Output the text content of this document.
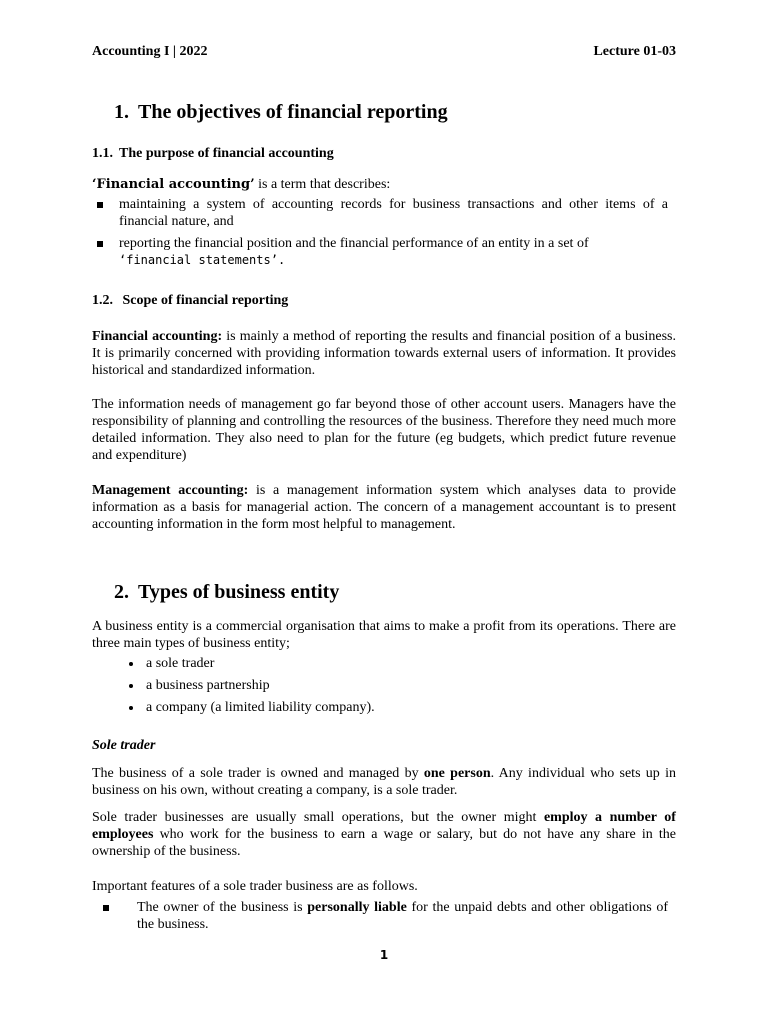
Accounting I | 2022	Lecture 01-03
1. The objectives of financial reporting
1.1. The purpose of financial accounting
‘Financial accounting’ is a term that describes:
maintaining a system of accounting records for business transactions and other items of a financial nature, and
reporting the financial position and the financial performance of an entity in a set of
‘financial statements’.
1.2. Scope of financial reporting
Financial accounting: is mainly a method of reporting the results and financial position of a business. It is primarily concerned with providing information towards external users of information. It provides historical and standardized information.
The information needs of management go far beyond those of other account users. Managers have the responsibility of planning and controlling the resources of the business. Therefore they need much more detailed information. They also need to plan for the future (eg budgets, which predict future revenue and expenditure)
Management accounting: is a management information system which analyses data to provide information as a basis for managerial action. The concern of a management accountant is to present accounting information in the form most helpful to management.
2. Types of business entity
A business entity is a commercial organisation that aims to make a profit from its operations. There are three main types of business entity;
a sole trader
a business partnership
a company (a limited liability company).
Sole trader
The business of a sole trader is owned and managed by one person. Any individual who sets up in business on his own, without creating a company, is a sole trader.
Sole trader businesses are usually small operations, but the owner might employ a number of employees who work for the business to earn a wage or salary, but do not have any share in the ownership of the business.
Important features of a sole trader business are as follows.
The owner of the business is personally liable for the unpaid debts and other obligations of the business.
1
